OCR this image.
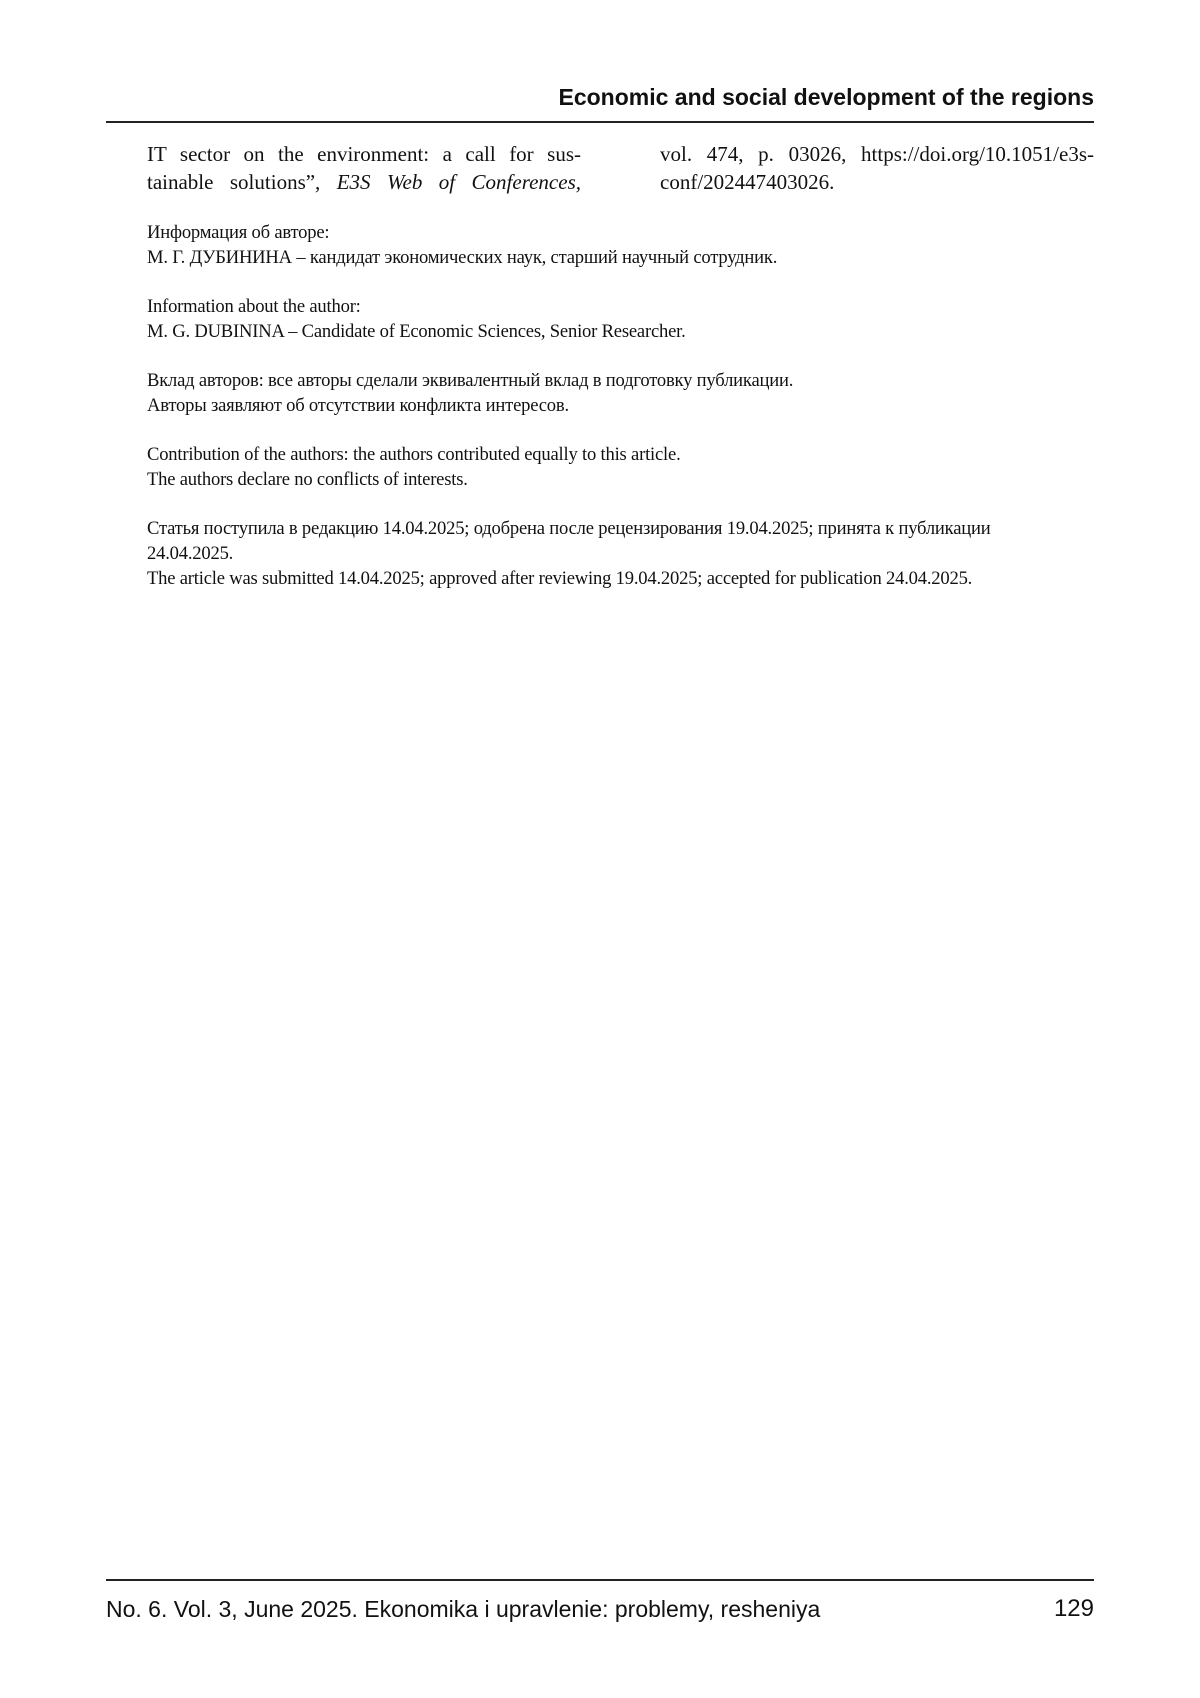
Economic and social development of the regions
IT sector on the environment: a call for sus-
tainable solutions”, E3S Web of Conferences,
vol. 474, p. 03026, https://doi.org/10.1051/e3s-
conf/202447403026.
Информация об авторе:
М. Г. ДУБИНИНА – кандидат экономических наук, старший научный сотрудник.
Information about the author:
M. G. DUBININA – Candidate of Economic Sciences, Senior Researcher.
Вклад авторов: все авторы сделали эквивалентный вклад в подготовку публикации.
Авторы заявляют об отсутствии конфликта интересов.
Contribution of the authors: the authors contributed equally to this article.
The authors declare no conflicts of interests.
Статья поступила в редакцию 14.04.2025; одобрена после рецензирования 19.04.2025; принята к публикации
24.04.2025.
The article was submitted 14.04.2025; approved after reviewing 19.04.2025; accepted for publication 24.04.2025.
No. 6. Vol. 3, June 2025. Ekonomika i upravlenie: problemy, resheniya	129
